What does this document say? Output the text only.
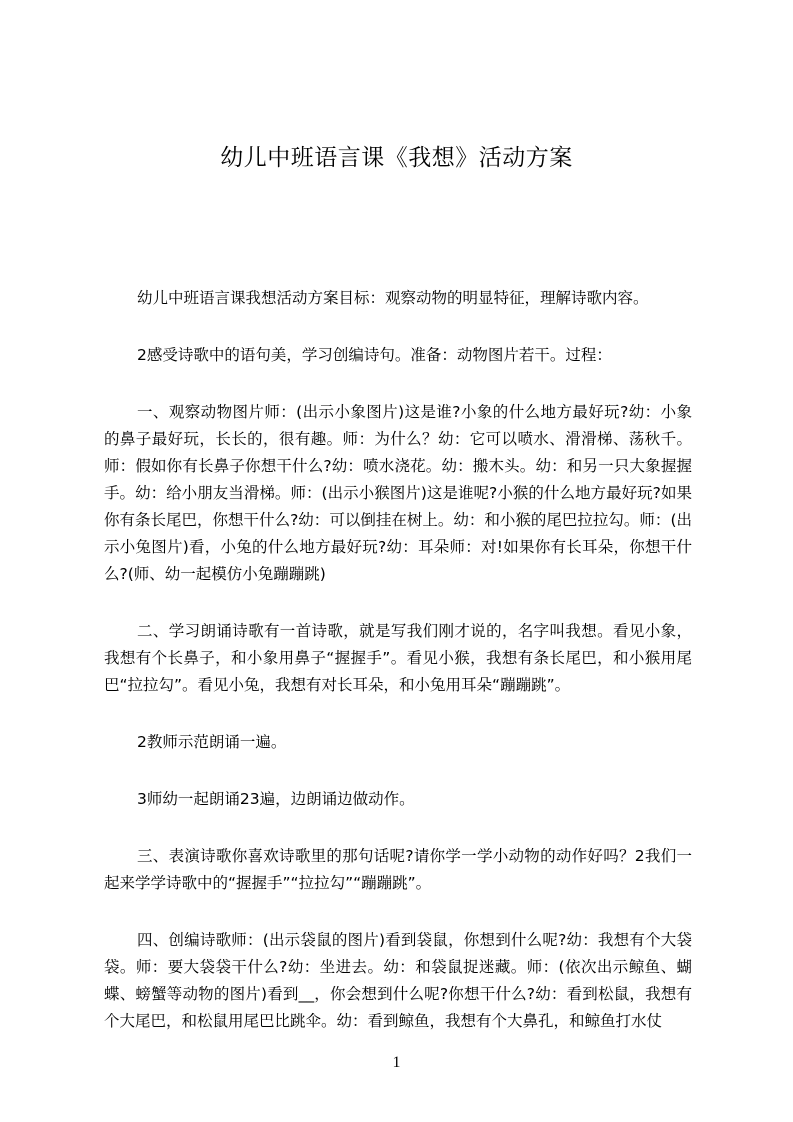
幼儿中班语言课《我想》活动方案

幼儿中班语言课我想活动方案目标：观察动物的明显特征，理解诗歌内容。

2感受诗歌中的语句美，学习创编诗句。准备：动物图片若干。过程：

一、观察动物图片师：(出示小象图片)这是谁?小象的什么地方最好玩?幼：小象的鼻子最好玩，长长的，很有趣。师：为什么？幼：它可以喷水、滑滑梯、荡秋千。师：假如你有长鼻子你想干什么?幼：喷水浇花。幼：搬木头。幼：和另一只大象握握手。幼：给小朋友当滑梯。师：(出示小猴图片)这是谁呢?小猴的什么地方最好玩?如果你有条长尾巴，你想干什么?幼：可以倒挂在树上。幼：和小猴的尾巴拉拉勾。师：(出示小兔图片)看，小兔的什么地方最好玩?幼：耳朵师：对!如果你有长耳朵，你想干什么?(师、幼一起模仿小兔蹦蹦跳)

二、学习朗诵诗歌有一首诗歌，就是写我们刚才说的，名字叫我想。看见小象，我想有个长鼻子，和小象用鼻子“握握手”。看见小猴，我想有条长尾巴，和小猴用尾巴“拉拉勾”。看见小兔，我想有对长耳朵，和小兔用耳朵“蹦蹦跳”。

2教师示范朗诵一遍。

3师幼一起朗诵23遍，边朗诵边做动作。

三、表演诗歌你喜欢诗歌里的那句话呢?请你学一学小动物的动作好吗？2我们一起来学学诗歌中的“握握手”“拉拉勾”“蹦蹦跳”。

四、创编诗歌师：(出示袋鼠的图片)看到袋鼠，你想到什么呢?幼：我想有个大袋袋。师：要大袋袋干什么?幼：坐进去。幼：和袋鼠捉迷藏。师：(依次出示鲸鱼、蝴蝶、螃蟹等动物的图片)看到__，你会想到什么呢?你想干什么?幼：看到松鼠，我想有个大尾巴，和松鼠用尾巴比跳伞。幼：看到鲸鱼，我想有个大鼻孔，和鲸鱼打水仗

1
